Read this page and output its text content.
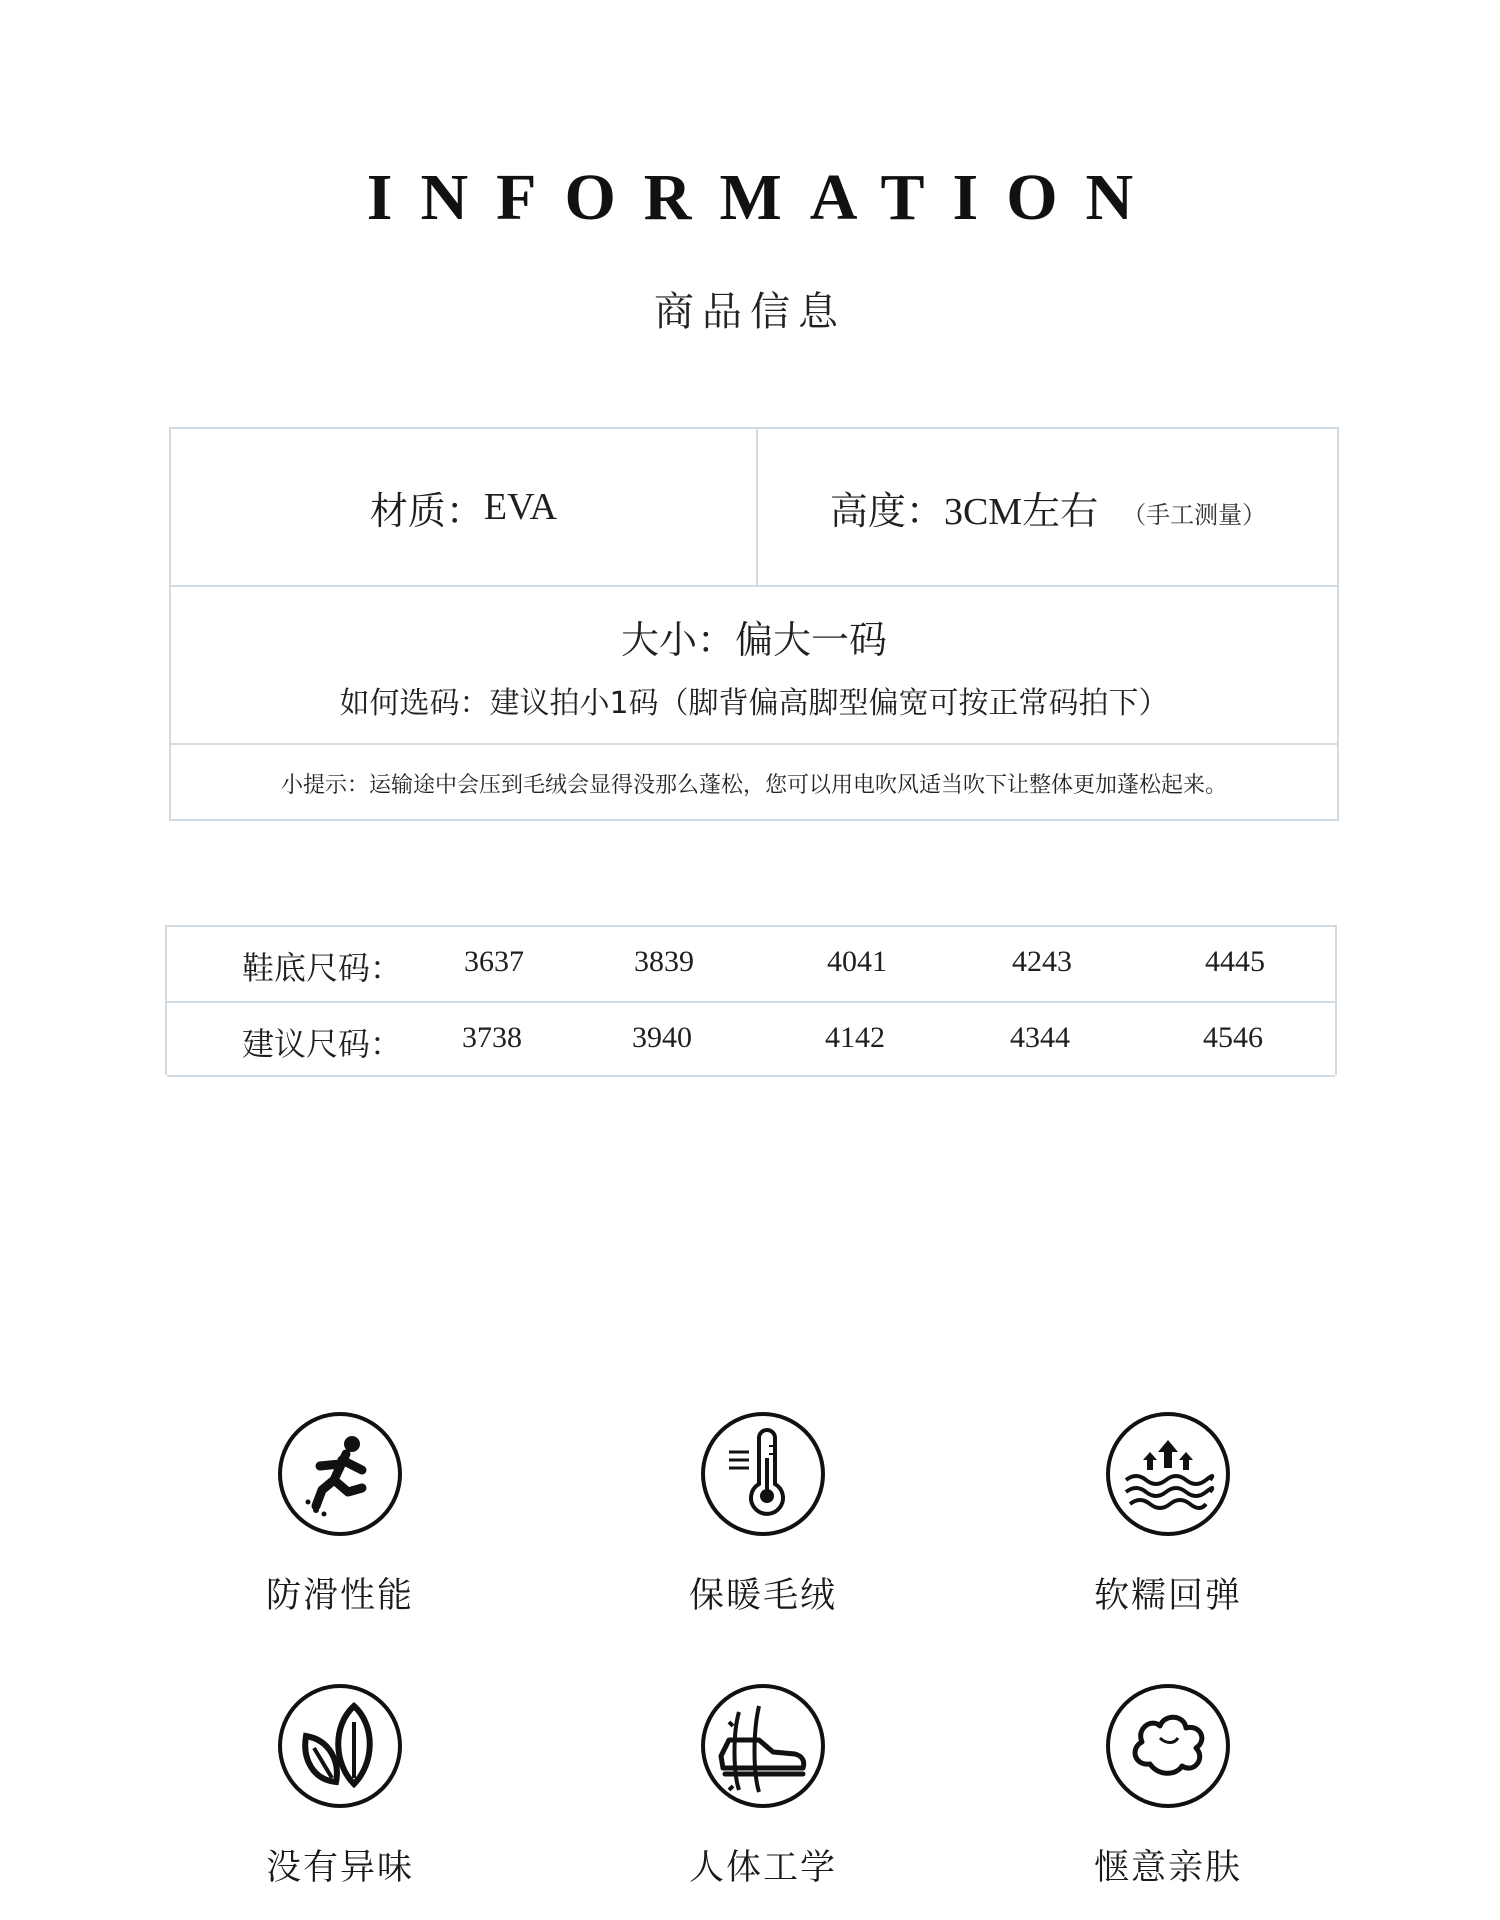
INFORMATION
商品信息
材质： EVA	高度： 3CM左右 （手工测量）
大小：偏大一码
如何选码：建议拍小1码（脚背偏高脚型偏宽可按正常码拍下）
小提示：运输途中会压到毛绒会显得没那么蓬松，您可以用电吹风适当吹下让整体更加蓬松起来。
鞋底尺码：	3637	3839	4041	4243	4445
建议尺码：	3738	3940	4142	4344	4546
防滑性能	保暖毛绒	软糯回弹
没有异味	人体工学	惬意亲肤
